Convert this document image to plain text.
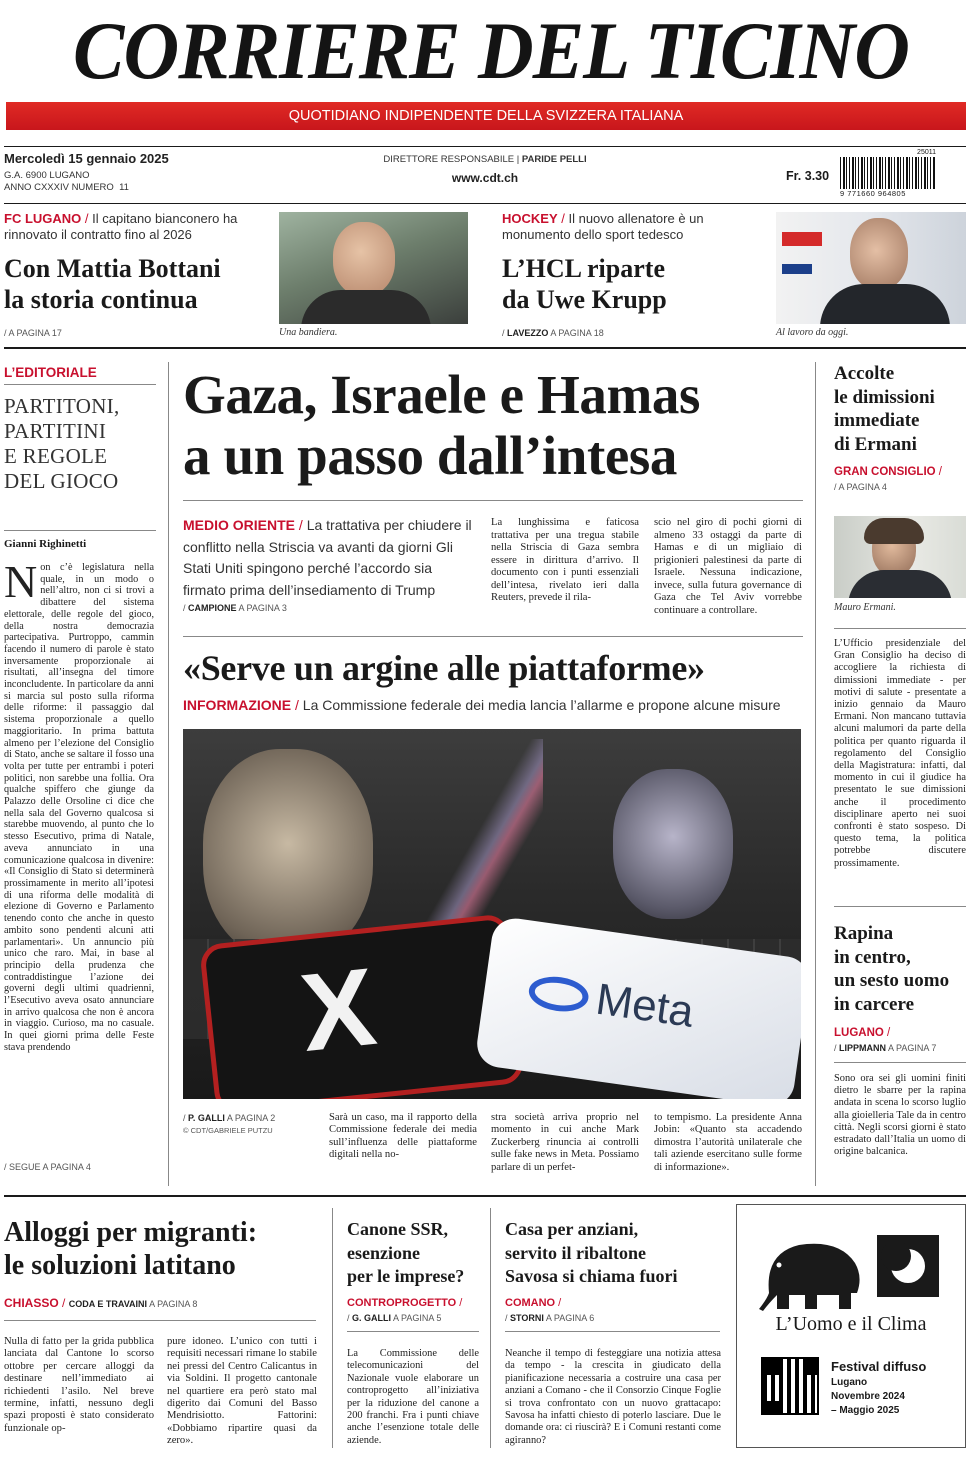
CORRIERE DEL TICINO
QUOTIDIANO INDIPENDENTE DELLA SVIZZERA ITALIANA
Mercoledì 15 gennaio 2025
G.A. 6900 LUGANO
ANNO CXXXIV NUMERO  11
DIRETTORE RESPONSABILE | PARIDE PELLI
www.cdt.ch	Fr. 3.30
25011
9 771660 964805
FC LUGANO / Il capitano bianconero ha rinnovato il contratto fino al 2026
Con Mattia Bottani
la storia continua
/ A PAGINA 17	Una bandiera.
HOCKEY / Il nuovo allenatore è un monumento dello sport tedesco
L’HCL riparte
da Uwe Krupp
/ LAVEZZO A PAGINA 18	Al lavoro da oggi.
L’EDITORIALE
PARTITONI,
PARTITINI
E REGOLE
DEL GIOCO
Gianni Righinetti
Non c’è legislatura nella quale, in un modo o nell’altro, non ci si trovi a dibattere del sistema elettorale, delle regole del gioco, della nostra democrazia partecipativa. Purtroppo, cammin facendo il numero di parole è stato inversamente proporzionale ai risultati, all’insegna del timore inconcludente. In particolare da anni si marcia sul posto sulla riforma delle riforme: il passaggio dal sistema proporzionale a quello maggioritario. In prima battuta almeno per l’elezione del Consiglio di Stato, anche se saltare il fosso una volta per tutte per entrambi i poteri politici, non sarebbe una follia. Ora qualche spiffero che giunge da Palazzo delle Orsoline ci dice che nella sala del Governo qualcosa si starebbe muovendo, al punto che lo stesso Esecutivo, prima di Natale, aveva annunciato in una comunicazione qualcosa in divenire: «Il Consiglio di Stato si determinerà prossimamente in merito all’ipotesi di una riforma delle modalità di elezione di Governo e Parlamento tenendo conto che anche in questo ambito sono pendenti alcuni atti parlamentari». Un annuncio più unico che raro. Mai, in base al principio della prudenza che contraddistingue l’azione dei governi degli ultimi quadrienni, l’Esecutivo aveva osato annunciare in arrivo qualcosa che non è ancora in viaggio. Curioso, ma no casuale. In quei giorni prima delle Feste stava prendendo
/ SEGUE A PAGINA 4
Gaza, Israele e Hamas
a un passo dall’intesa
MEDIO ORIENTE / La trattativa per chiudere il conflitto nella Striscia va avanti da giorni Gli Stati Uniti spingono perché l’accordo sia firmato prima dell’insediamento di Trump
/ CAMPIONE A PAGINA 3
La lunghissima e faticosa trattativa per una tregua stabile nella Striscia di Gaza sembra essere in dirittura d’arrivo. Il documento con i punti essenziali dell’intesa, rivelato ieri dalla Reuters, prevede il rila-
scio nel giro di pochi giorni di almeno 33 ostaggi da parte di Hamas e di un migliaio di prigionieri palestinesi da parte di Israele. Nessuna indicazione, invece, sulla futura governance di Gaza che Tel Aviv vorrebbe continuare a controllare.
Accolte
le dimissioni
immediate
di Ermani
GRAN CONSIGLIO /
/ A PAGINA 4
Mauro Ermani.
L’Ufficio presidenziale del Gran Consiglio ha deciso di accogliere la richiesta di dimissioni immediate - per motivi di salute - presentate a inizio gennaio da Mauro Ermani. Non mancano tuttavia alcuni malumori da parte della politica per quanto riguarda il regolamento del Consiglio della Magistratura: infatti, dal momento in cui il giudice ha presentato le sue dimissioni anche il procedimento disciplinare aperto nei suoi confronti è stato sospeso. Di questo tema, la politica potrebbe discutere prossimamente.
«Serve un argine alle piattaforme»
INFORMAZIONE / La Commissione federale dei media lancia l’allarme e propone alcune misure
X	Meta
/ P. GALLI A PAGINA 2
© CDT/GABRIELE PUTZU
Sarà un caso, ma il rapporto della Commissione federale dei media sull’influenza delle piattaforme digitali nella no-
stra società arriva proprio nel momento in cui anche Mark Zuckerberg rinuncia ai controlli sulle fake news in Meta. Possiamo parlare di un perfet-
to tempismo. La presidente Anna Jobin: «Quanto sta accadendo dimostra l’autorità unilaterale che tali aziende esercitano sulle forme di informazione».
Rapina
in centro,
un sesto uomo
in carcere
LUGANO /
/ LIPPMANN A PAGINA 7
Sono ora sei gli uomini finiti dietro le sbarre per la rapina andata in scena lo scorso luglio alla gioielleria Tale da in centro città. Negli scorsi giorni è stato estradato dall’Italia un uomo di origine balcanica.
Alloggi per migranti:
le soluzioni latitano
CHIASSO / CODA E TRAVAINI A PAGINA 8
Nulla di fatto per la grida pubblica lanciata dal Cantone lo scorso ottobre per cercare alloggi da destinare nell’immediato ai richiedenti l’asilo. Nel breve termine, infatti, nessuno degli spazi proposti è stato considerato funzionale op-
pure idoneo. L’unico con tutti i requisiti necessari rimane lo stabile nei pressi del Centro Calicantus in via Soldini. Il progetto cantonale nel quartiere era però stato mal digerito dai Comuni del Basso Mendrisiotto. Fattorini: «Dobbiamo ripartire quasi da zero».
Canone SSR,
esenzione
per le imprese?
CONTROPROGETTO /
/ G. GALLI A PAGINA 5
La Commissione delle telecomunicazioni del Nazionale vuole elaborare un controprogetto all’iniziativa per la riduzione del canone a 200 franchi. Fra i punti chiave anche l’esenzione totale delle aziende.
Casa per anziani,
servito il ribaltone
Savosa si chiama fuori
COMANO /
/ STORNI A PAGINA 6
Neanche il tempo di festeggiare una notizia attesa da tempo - la crescita in giudicato della pianificazione necessaria a costruire una casa per anziani a Comano - che il Consorzio Cinque Foglie si trova confrontato con un nuovo grattacapo: Savosa ha infatti chiesto di poterlo lasciare. Due le domande ora: ci riuscirà? E i Comuni restanti come agiranno?
L’Uomo e il Clima
Festival diffuso
Lugano
Novembre 2024
– Maggio 2025
